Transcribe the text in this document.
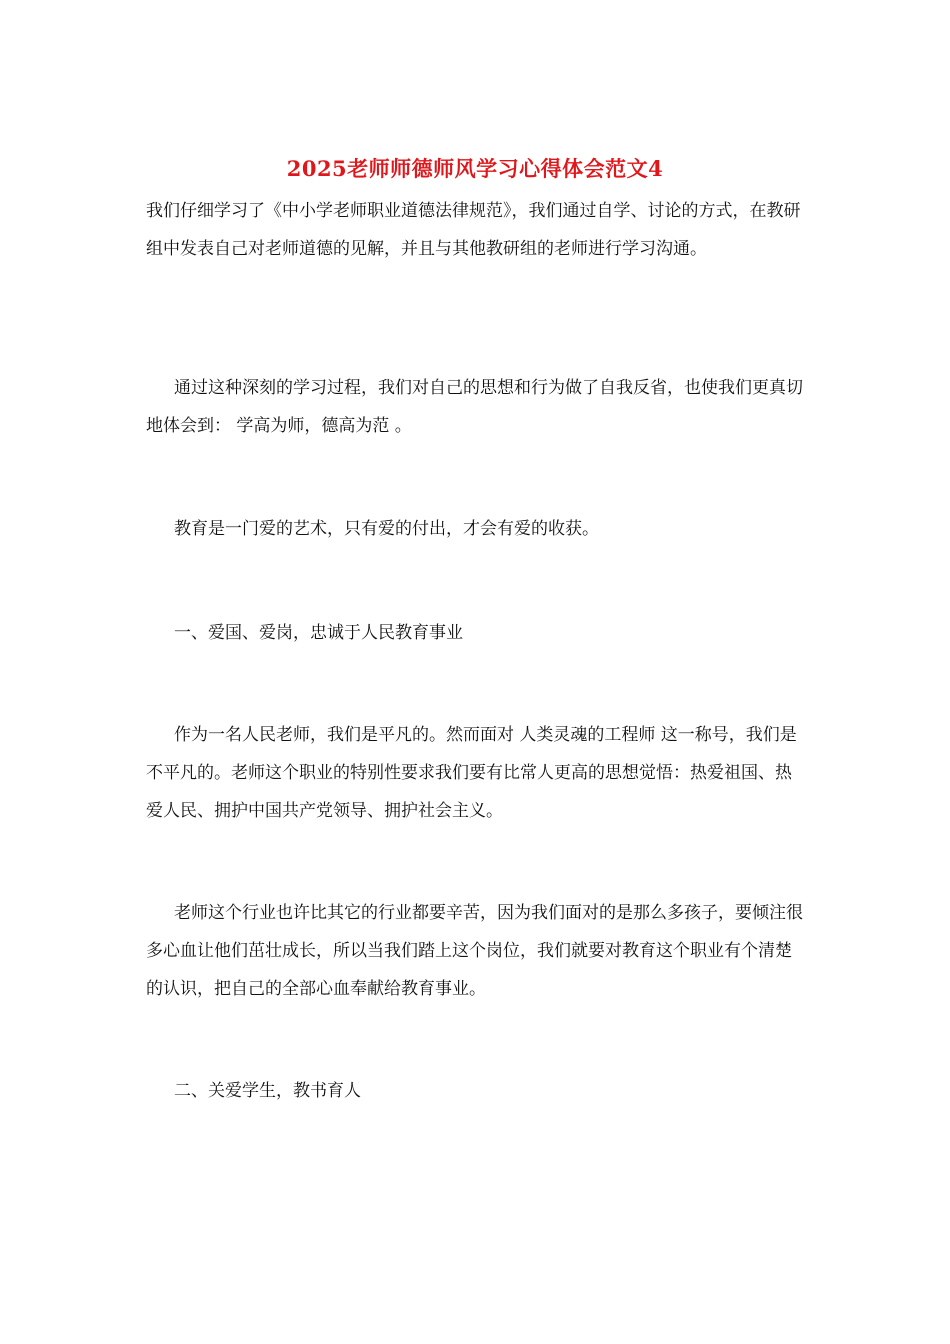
2025老师师德师风学习心得体会范文4

我们仔细学习了《中小学老师职业道德法律规范》，我们通过自学、讨论的方式，在教研组中发表自己对老师道德的见解，并且与其他教研组的老师进行学习沟通。

通过这种深刻的学习过程，我们对自己的思想和行为做了自我反省，也使我们更真切地体会到： 学高为师，德高为范 。

教育是一门爱的艺术，只有爱的付出，才会有爱的收获。

一、爱国、爱岗，忠诚于人民教育事业

作为一名人民老师，我们是平凡的。然而面对 人类灵魂的工程师 这一称号，我们是不平凡的。老师这个职业的特别性要求我们要有比常人更高的思想觉悟：热爱祖国、热爱人民、拥护中国共产党领导、拥护社会主义。

老师这个行业也许比其它的行业都要辛苦，因为我们面对的是那么多孩子，要倾注很多心血让他们茁壮成长，所以当我们踏上这个岗位，我们就要对教育这个职业有个清楚的认识，把自己的全部心血奉献给教育事业。

二、关爱学生，教书育人
